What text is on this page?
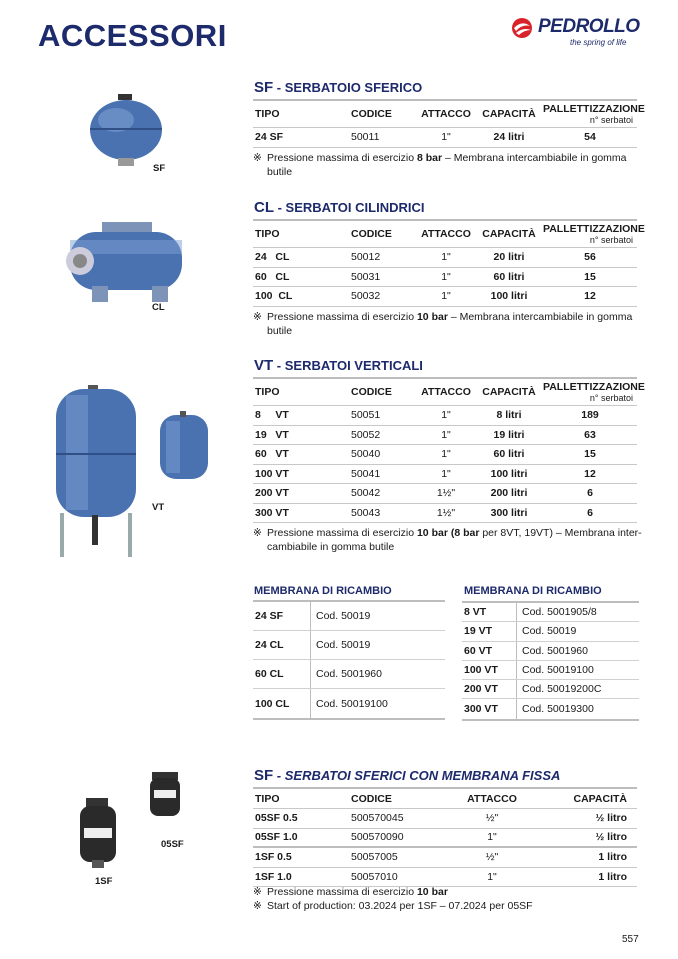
ACCESSORI	PEDROLLO
the spring of life
SF
CL
VT
05SF
1SF
SF - SERBATOIO SFERICO
TIPO	CODICE	ATTACCO	CAPACITÀ PALLETTIZZAZIONE
n° serbatoi
24 SF	50011	1"	24 litri	54
※ Pressione massima di esercizio 8 bar – Membrana intercambiabile in gomma
butile
CL - SERBATOI CILINDRICI
TIPO	CODICE	ATTACCO	CAPACITÀ PALLETTIZZAZIONE
n° serbatoi
24   CL	50012	1"	20 litri	56
60   CL	50031	1"	60 litri	15
100  CL	50032	1"	100 litri	12
※ Pressione massima di esercizio 10 bar – Membrana intercambiabile in gomma
butile
VT - SERBATOI VERTICALI
TIPO	CODICE	ATTACCO	CAPACITÀ PALLETTIZZAZIONE
n° serbatoi
8     VT	50051	1"	8 litri	189
19   VT	50052	1"	19 litri	63
60   VT	50040	1"	60 litri	15
100 VT	50041	1"	100 litri	12
200 VT	50042	1½"	200 litri	6
300 VT	50043	1½"	300 litri	6
※ Pressione massima di esercizio 10 bar (8 bar per 8VT, 19VT) – Membrana inter-
cambiabile in gomma butile
MEMBRANA DI RICAMBIO
24 SF	Cod. 50019
24 CL	Cod. 50019
60 CL	Cod. 5001960
100 CL	Cod. 50019100
MEMBRANA DI RICAMBIO
8 VT	Cod. 5001905/8
19 VT	Cod. 50019
60 VT	Cod. 5001960
100 VT	Cod. 50019100
200 VT	Cod. 50019200C
300 VT	Cod. 50019300
SF - SERBATOI SFERICI CON MEMBRANA FISSA
TIPO	CODICE	ATTACCO	CAPACITÀ
05SF 0.5	500570045	½"	½ litro
05SF 1.0	500570090	1"	½ litro
1SF 0.5	50057005	½"	1 litro
1SF 1.0	50057010	1"	1 litro
※ Pressione massima di esercizio 10 bar
※ Start of production: 03.2024 per 1SF – 07.2024 per 05SF
557
